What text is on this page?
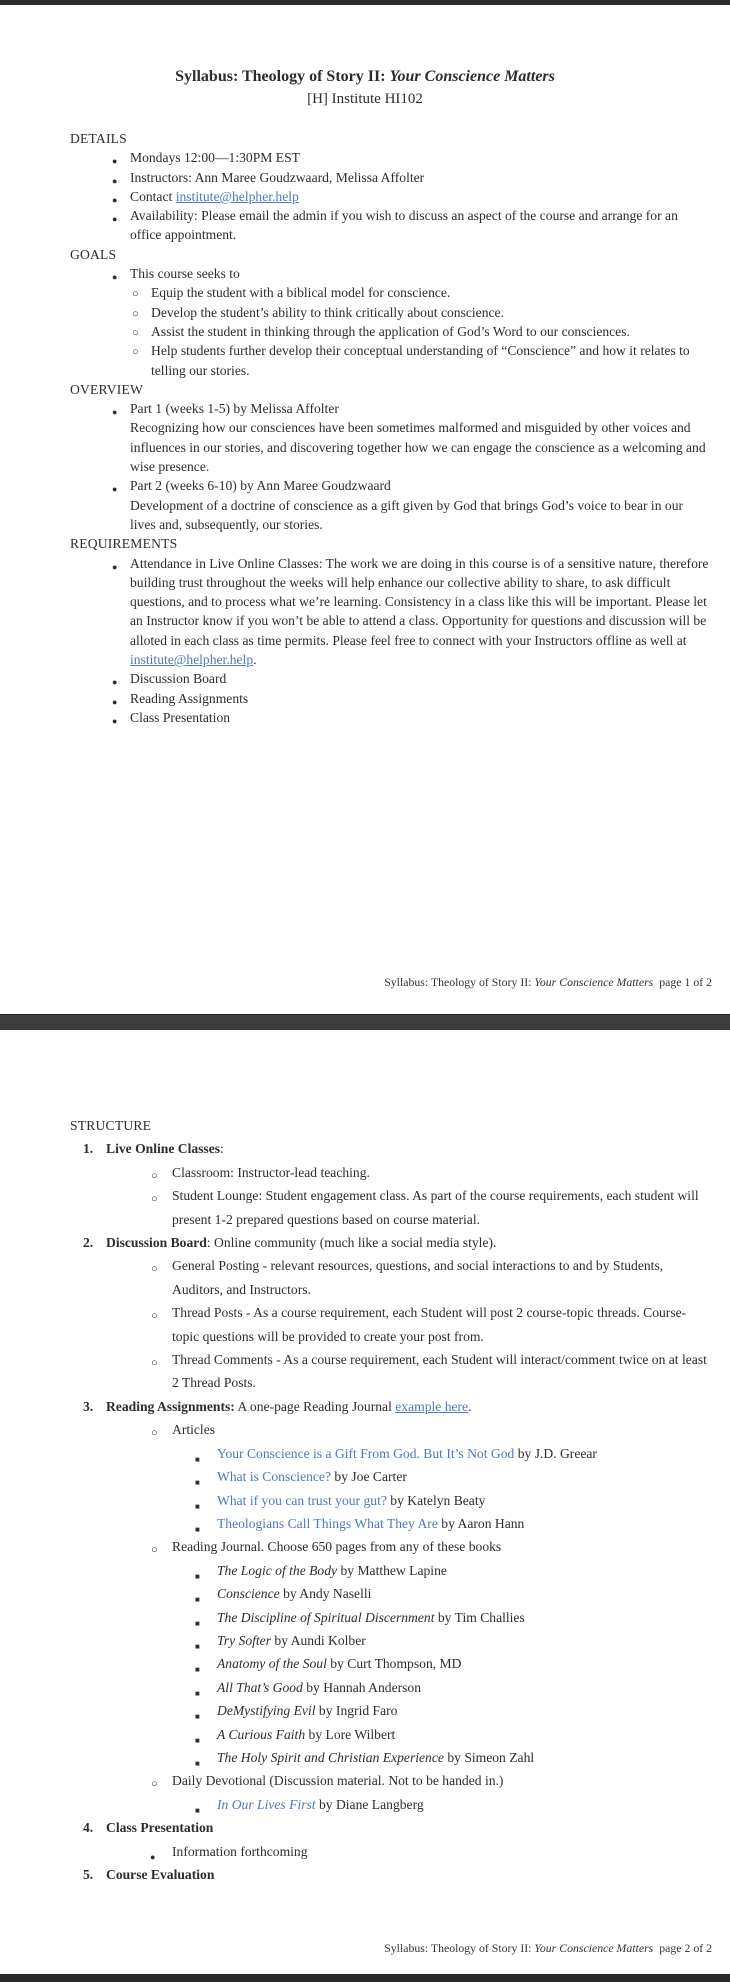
Syllabus: Theology of Story II: Your Conscience Matters
[H] Institute HI102
DETAILS
● Mondays 12:00—1:30PM EST
● Instructors: Ann Maree Goudzwaard, Melissa Affolter
● Contact institute@helpher.help
● Availability: Please email the admin if you wish to discuss an aspect of the course and arrange for an office appointment.
GOALS
● This course seeks to
○ Equip the student with a biblical model for conscience.
○ Develop the student’s ability to think critically about conscience.
○ Assist the student in thinking through the application of God’s Word to our consciences.
○ Help students further develop their conceptual understanding of “Conscience” and how it relates to telling our stories.
OVERVIEW
● Part 1 (weeks 1-5) by Melissa Affolter
Recognizing how our consciences have been sometimes malformed and misguided by other voices and influences in our stories, and discovering together how we can engage the conscience as a welcoming and wise presence.
● Part 2 (weeks 6-10) by Ann Maree Goudzwaard
Development of a doctrine of conscience as a gift given by God that brings God’s voice to bear in our lives and, subsequently, our stories.
REQUIREMENTS
● Attendance in Live Online Classes: The work we are doing in this course is of a sensitive nature, therefore building trust throughout the weeks will help enhance our collective ability to share, to ask difficult questions, and to process what we’re learning. Consistency in a class like this will be important. Please let an Instructor know if you won’t be able to attend a class. Opportunity for questions and discussion will be alloted in each class as time permits. Please feel free to connect with your Instructors offline as well at institute@helpher.help.
● Discussion Board
● Reading Assignments
● Class Presentation
Syllabus: Theology of Story II: Your Conscience Matters page 1 of 2
STRUCTURE
1. Live Online Classes:
○ Classroom: Instructor-lead teaching.
○ Student Lounge: Student engagement class. As part of the course requirements, each student will present 1-2 prepared questions based on course material.
2. Discussion Board: Online community (much like a social media style).
○ General Posting - relevant resources, questions, and social interactions to and by Students, Auditors, and Instructors.
○ Thread Posts - As a course requirement, each Student will post 2 course-topic threads. Course-topic questions will be provided to create your post from.
○ Thread Comments - As a course requirement, each Student will interact/comment twice on at least 2 Thread Posts.
3. Reading Assignments: A one-page Reading Journal example here.
○ Articles
■ Your Conscience is a Gift From God. But It’s Not God by J.D. Greear
■ What is Conscience? by Joe Carter
■ What if you can trust your gut? by Katelyn Beaty
■ Theologians Call Things What They Are by Aaron Hann
○ Reading Journal. Choose 650 pages from any of these books
■ The Logic of the Body by Matthew Lapine
■ Conscience by Andy Naselli
■ The Discipline of Spiritual Discernment by Tim Challies
■ Try Softer by Aundi Kolber
■ Anatomy of the Soul by Curt Thompson, MD
■ All That’s Good by Hannah Anderson
■ DeMystifying Evil by Ingrid Faro
■ A Curious Faith by Lore Wilbert
■ The Holy Spirit and Christian Experience by Simeon Zahl
○ Daily Devotional (Discussion material. Not to be handed in.)
■ In Our Lives First by Diane Langberg
4. Class Presentation
● Information forthcoming
5. Course Evaluation
Syllabus: Theology of Story II: Your Conscience Matters page 2 of 2
